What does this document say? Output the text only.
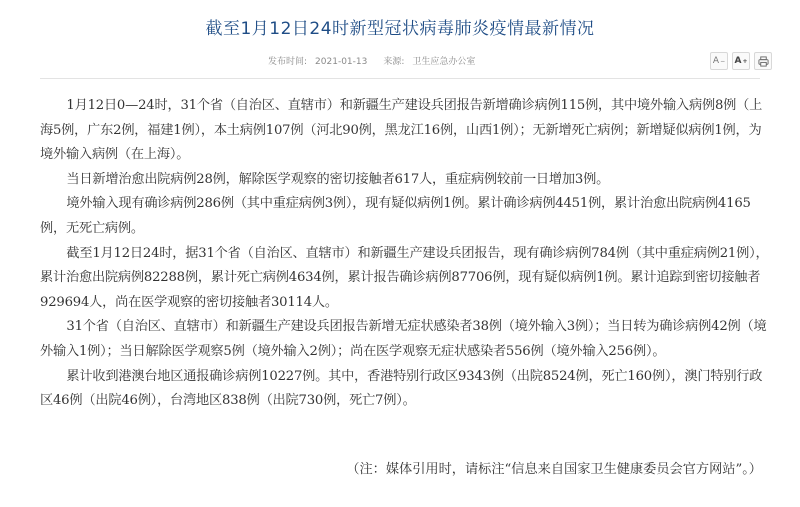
截至1月12日24时新型冠状病毒肺炎疫情最新情况
发布时间: 2021-01-13 来源: 卫生应急办公室	A − A +

1月12日0—24时，31个省（自治区、直辖市）和新疆生产建设兵团报告新增确诊病例115例，其中境外输入病例8例（上海5例，广东2例，福建1例），本土病例107例（河北90例，黑龙江16例，山西1例）；无新增死亡病例；新增疑似病例1例，为境外输入病例（在上海）。

当日新增治愈出院病例28例，解除医学观察的密切接触者617人，重症病例较前一日增加3例。

境外输入现有确诊病例286例（其中重症病例3例），现有疑似病例1例。累计确诊病例4451例，累计治愈出院病例4165例，无死亡病例。

截至1月12日24时，据31个省（自治区、直辖市）和新疆生产建设兵团报告，现有确诊病例784例（其中重症病例21例），累计治愈出院病例82288例，累计死亡病例4634例，累计报告确诊病例87706例，现有疑似病例1例。累计追踪到密切接触者929694人，尚在医学观察的密切接触者30114人。

31个省（自治区、直辖市）和新疆生产建设兵团报告新增无症状感染者38例（境外输入3例）；当日转为确诊病例42例（境外输入1例）；当日解除医学观察5例（境外输入2例）；尚在医学观察无症状感染者556例（境外输入256例）。

累计收到港澳台地区通报确诊病例10227例。其中，香港特别行政区9343例（出院8524例，死亡160例），澳门特别行政区46例（出院46例），台湾地区838例（出院730例，死亡7例）。

（注：媒体引用时，请标注“信息来自国家卫生健康委员会官方网站”。）
